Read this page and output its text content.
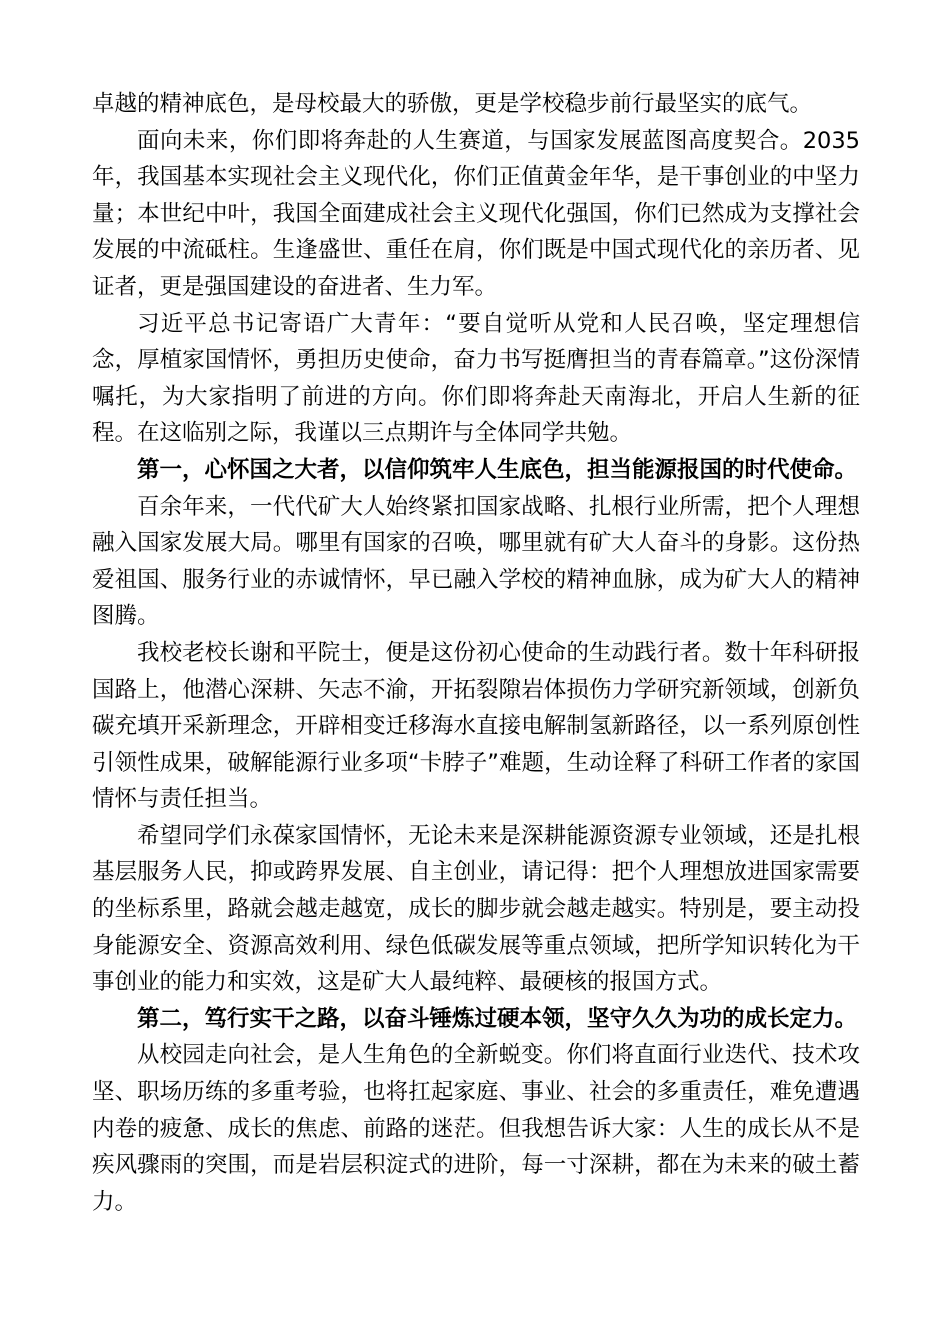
卓越的精神底色，是母校最大的骄傲，更是学校稳步前行最坚实的底气。

面向未来，你们即将奔赴的人生赛道，与国家发展蓝图高度契合。2035年，我国基本实现社会主义现代化，你们正值黄金年华，是干事创业的中坚力量；本世纪中叶，我国全面建成社会主义现代化强国，你们已然成为支撑社会发展的中流砥柱。生逢盛世、重任在肩，你们既是中国式现代化的亲历者、见证者，更是强国建设的奋进者、生力军。

习近平总书记寄语广大青年：“要自觉听从党和人民召唤，坚定理想信念，厚植家国情怀，勇担历史使命，奋力书写挺膺担当的青春篇章。”这份深情嘱托，为大家指明了前进的方向。你们即将奔赴天南海北，开启人生新的征程。在这临别之际，我谨以三点期许与全体同学共勉。

第一，心怀国之大者，以信仰筑牢人生底色，担当能源报国的时代使命。

百余年来，一代代矿大人始终紧扣国家战略、扎根行业所需，把个人理想融入国家发展大局。哪里有国家的召唤，哪里就有矿大人奋斗的身影。这份热爱祖国、服务行业的赤诚情怀，早已融入学校的精神血脉，成为矿大人的精神图腾。

我校老校长谢和平院士，便是这份初心使命的生动践行者。数十年科研报国路上，他潜心深耕、矢志不渝，开拓裂隙岩体损伤力学研究新领域，创新负碳充填开采新理念，开辟相变迁移海水直接电解制氢新路径，以一系列原创性引领性成果，破解能源行业多项“卡脖子”难题，生动诠释了科研工作者的家国情怀与责任担当。

希望同学们永葆家国情怀，无论未来是深耕能源资源专业领域，还是扎根基层服务人民，抑或跨界发展、自主创业，请记得：把个人理想放进国家需要的坐标系里，路就会越走越宽，成长的脚步就会越走越实。特别是，要主动投身能源安全、资源高效利用、绿色低碳发展等重点领域，把所学知识转化为干事创业的能力和实效，这是矿大人最纯粹、最硬核的报国方式。

第二，笃行实干之路，以奋斗锤炼过硬本领，坚守久久为功的成长定力。

从校园走向社会，是人生角色的全新蜕变。你们将直面行业迭代、技术攻坚、职场历练的多重考验，也将扛起家庭、事业、社会的多重责任，难免遭遇内卷的疲惫、成长的焦虑、前路的迷茫。但我想告诉大家：人生的成长从不是疾风骤雨的突围，而是岩层积淀式的进阶，每一寸深耕，都在为未来的破土蓄力。
